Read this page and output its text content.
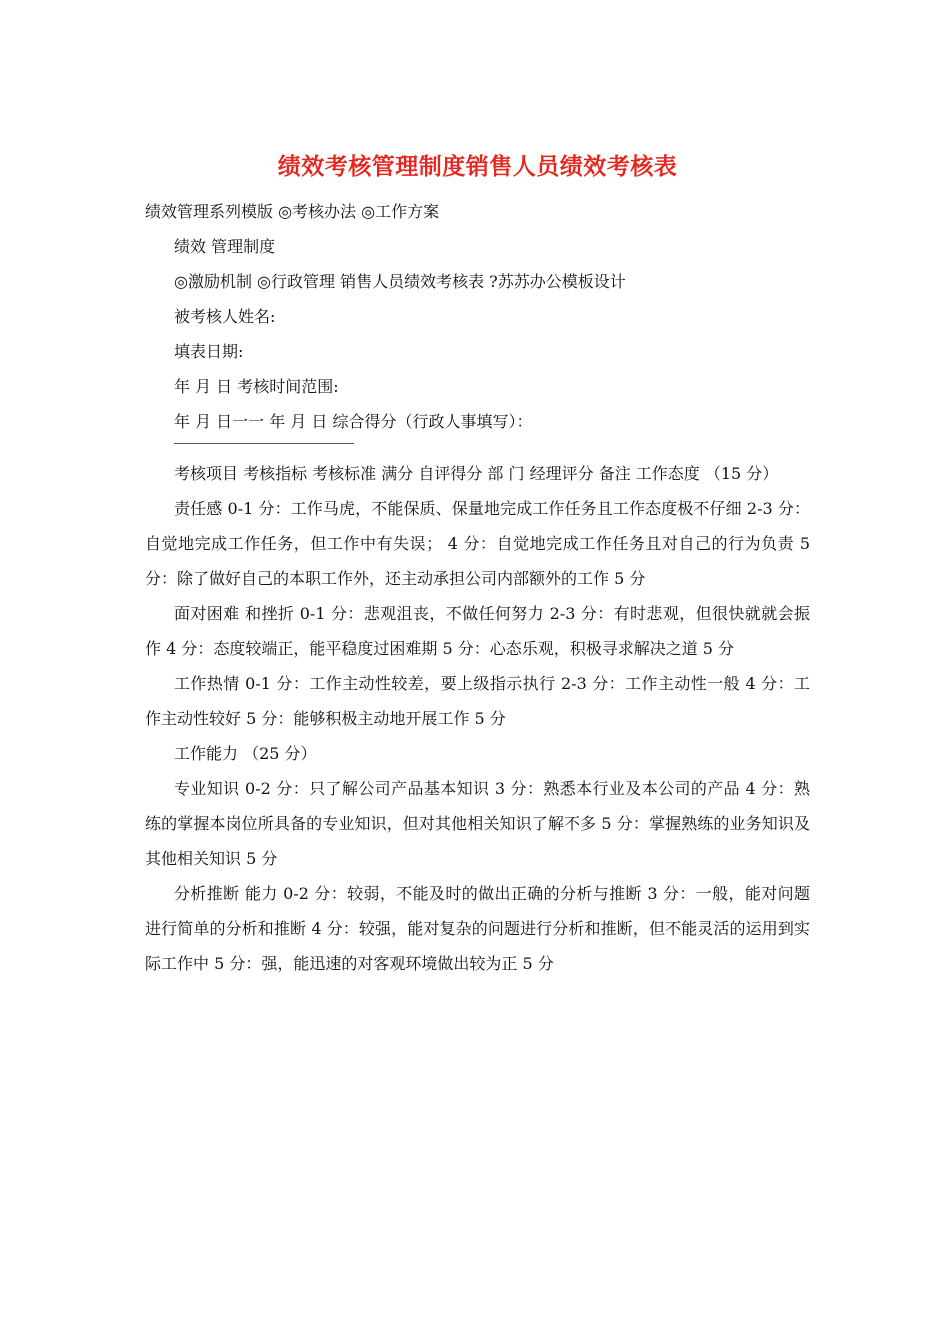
绩效考核管理制度销售人员绩效考核表

绩效管理系列模版 ◎考核办法 ◎工作方案

绩效 管理制度

◎激励机制 ◎行政管理 销售人员绩效考核表 ?苏苏办公模板设计

被考核人姓名:

填表日期:

年 月 日 考核时间范围:

年 月 日一一 年 月 日 综合得分（行政人事填写）：

考核项目 考核指标 考核标准 满分 自评得分 部 门 经理评分 备注 工作态度 （15 分）

责任感 0-1 分：工作马虎，不能保质、保量地完成工作任务且工作态度极不仔细 2-3 分：自觉地完成工作任务，但工作中有失误； 4 分：自觉地完成工作任务且对自己的行为负责 5 分：除了做好自己的本职工作外，还主动承担公司内部额外的工作 5 分

面对困难 和挫折 0-1 分：悲观沮丧，不做任何努力 2-3 分：有时悲观，但很快就就会振作 4 分：态度较端正，能平稳度过困难期 5 分：心态乐观，积极寻求解决之道 5 分

工作热情 0-1 分：工作主动性较差，要上级指示执行 2-3 分：工作主动性一般 4 分：工作主动性较好 5 分：能够积极主动地开展工作 5 分

工作能力 （25 分）

专业知识 0-2 分：只了解公司产品基本知识 3 分：熟悉本行业及本公司的产品 4 分：熟练的掌握本岗位所具备的专业知识，但对其他相关知识了解不多 5 分：掌握熟练的业务知识及其他相关知识 5 分

分析推断 能力 0-2 分：较弱，不能及时的做出正确的分析与推断 3 分：一般，能对问题进行简单的分析和推断 4 分：较强，能对复杂的问题进行分析和推断，但不能灵活的运用到实际工作中 5 分：强，能迅速的对客观环境做出较为正 5 分
